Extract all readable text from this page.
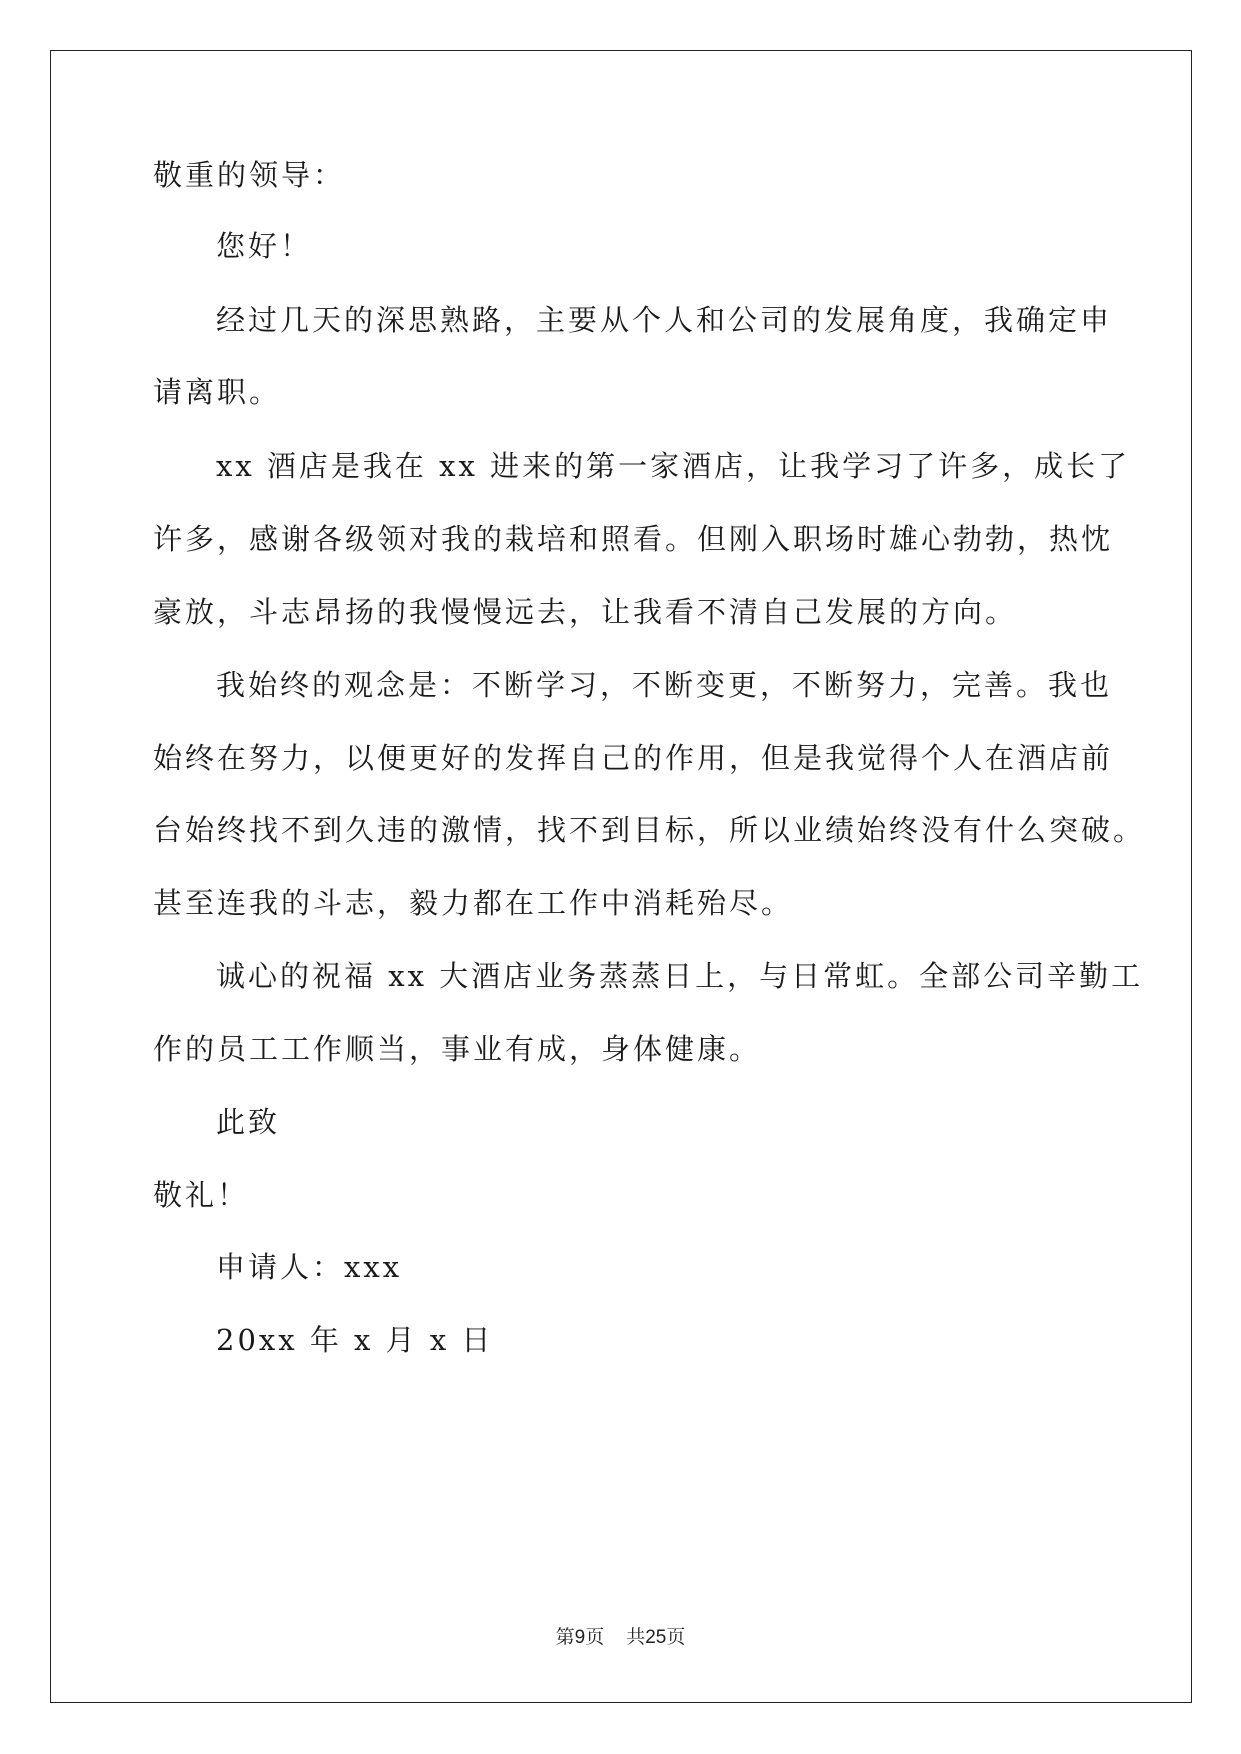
敬重的领导：
您好！
经过几天的深思熟路，主要从个人和公司的发展角度，我确定申
请离职。
xx 酒店是我在 xx 进来的第一家酒店，让我学习了许多，成长了
许多，感谢各级领对我的栽培和照看。但刚入职场时雄心勃勃，热忱
豪放，斗志昂扬的我慢慢远去，让我看不清自己发展的方向。
我始终的观念是：不断学习，不断变更，不断努力，完善。我也
始终在努力，以便更好的发挥自己的作用，但是我觉得个人在酒店前
台始终找不到久违的激情，找不到目标，所以业绩始终没有什么突破。
甚至连我的斗志，毅力都在工作中消耗殆尽。
诚心的祝福 xx 大酒店业务蒸蒸日上，与日常虹。全部公司辛勤工
作的员工工作顺当，事业有成，身体健康。
此致
敬礼！
申请人：xxx
20xx 年 x 月 x 日
第9页 共25页
